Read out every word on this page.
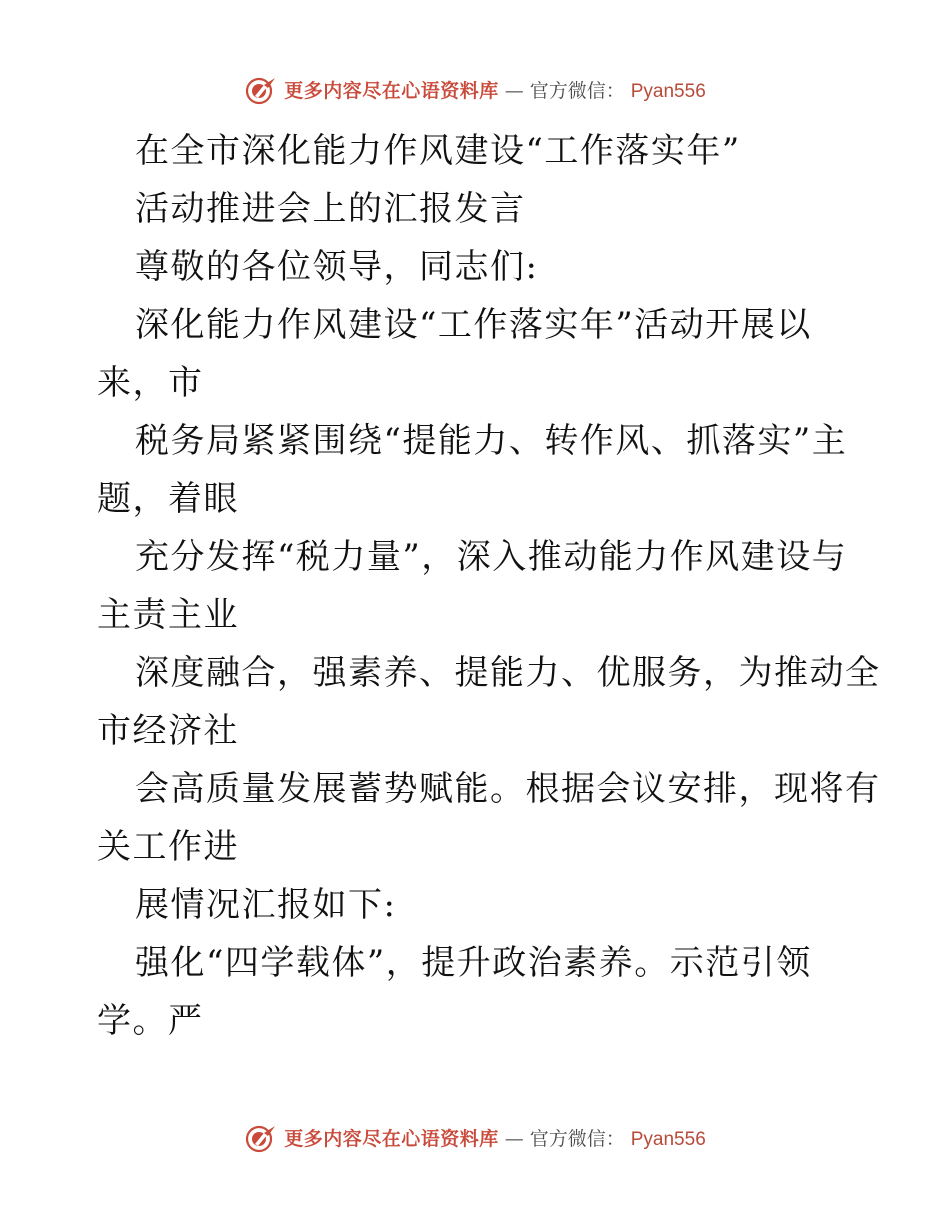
更多内容尽在心语资料库 — 官方微信： Pyan556
在全市深化能力作风建设“工作落实年”
活动推进会上的汇报发言
尊敬的各位领导，同志们:
深化能力作风建设“工作落实年”活动开展以
来，市
税务局紧紧围绕“提能力、转作风、抓落实”主
题，着眼
充分发挥“税力量”，深入推动能力作风建设与
主责主业
深度融合，强素养、提能力、优服务，为推动全
市经济社
会高质量发展蓄势赋能。根据会议安排，现将有
关工作进
展情况汇报如下:
强化“四学载体”，提升政治素养。示范引领
学。严
更多内容尽在心语资料库 — 官方微信： Pyan556
